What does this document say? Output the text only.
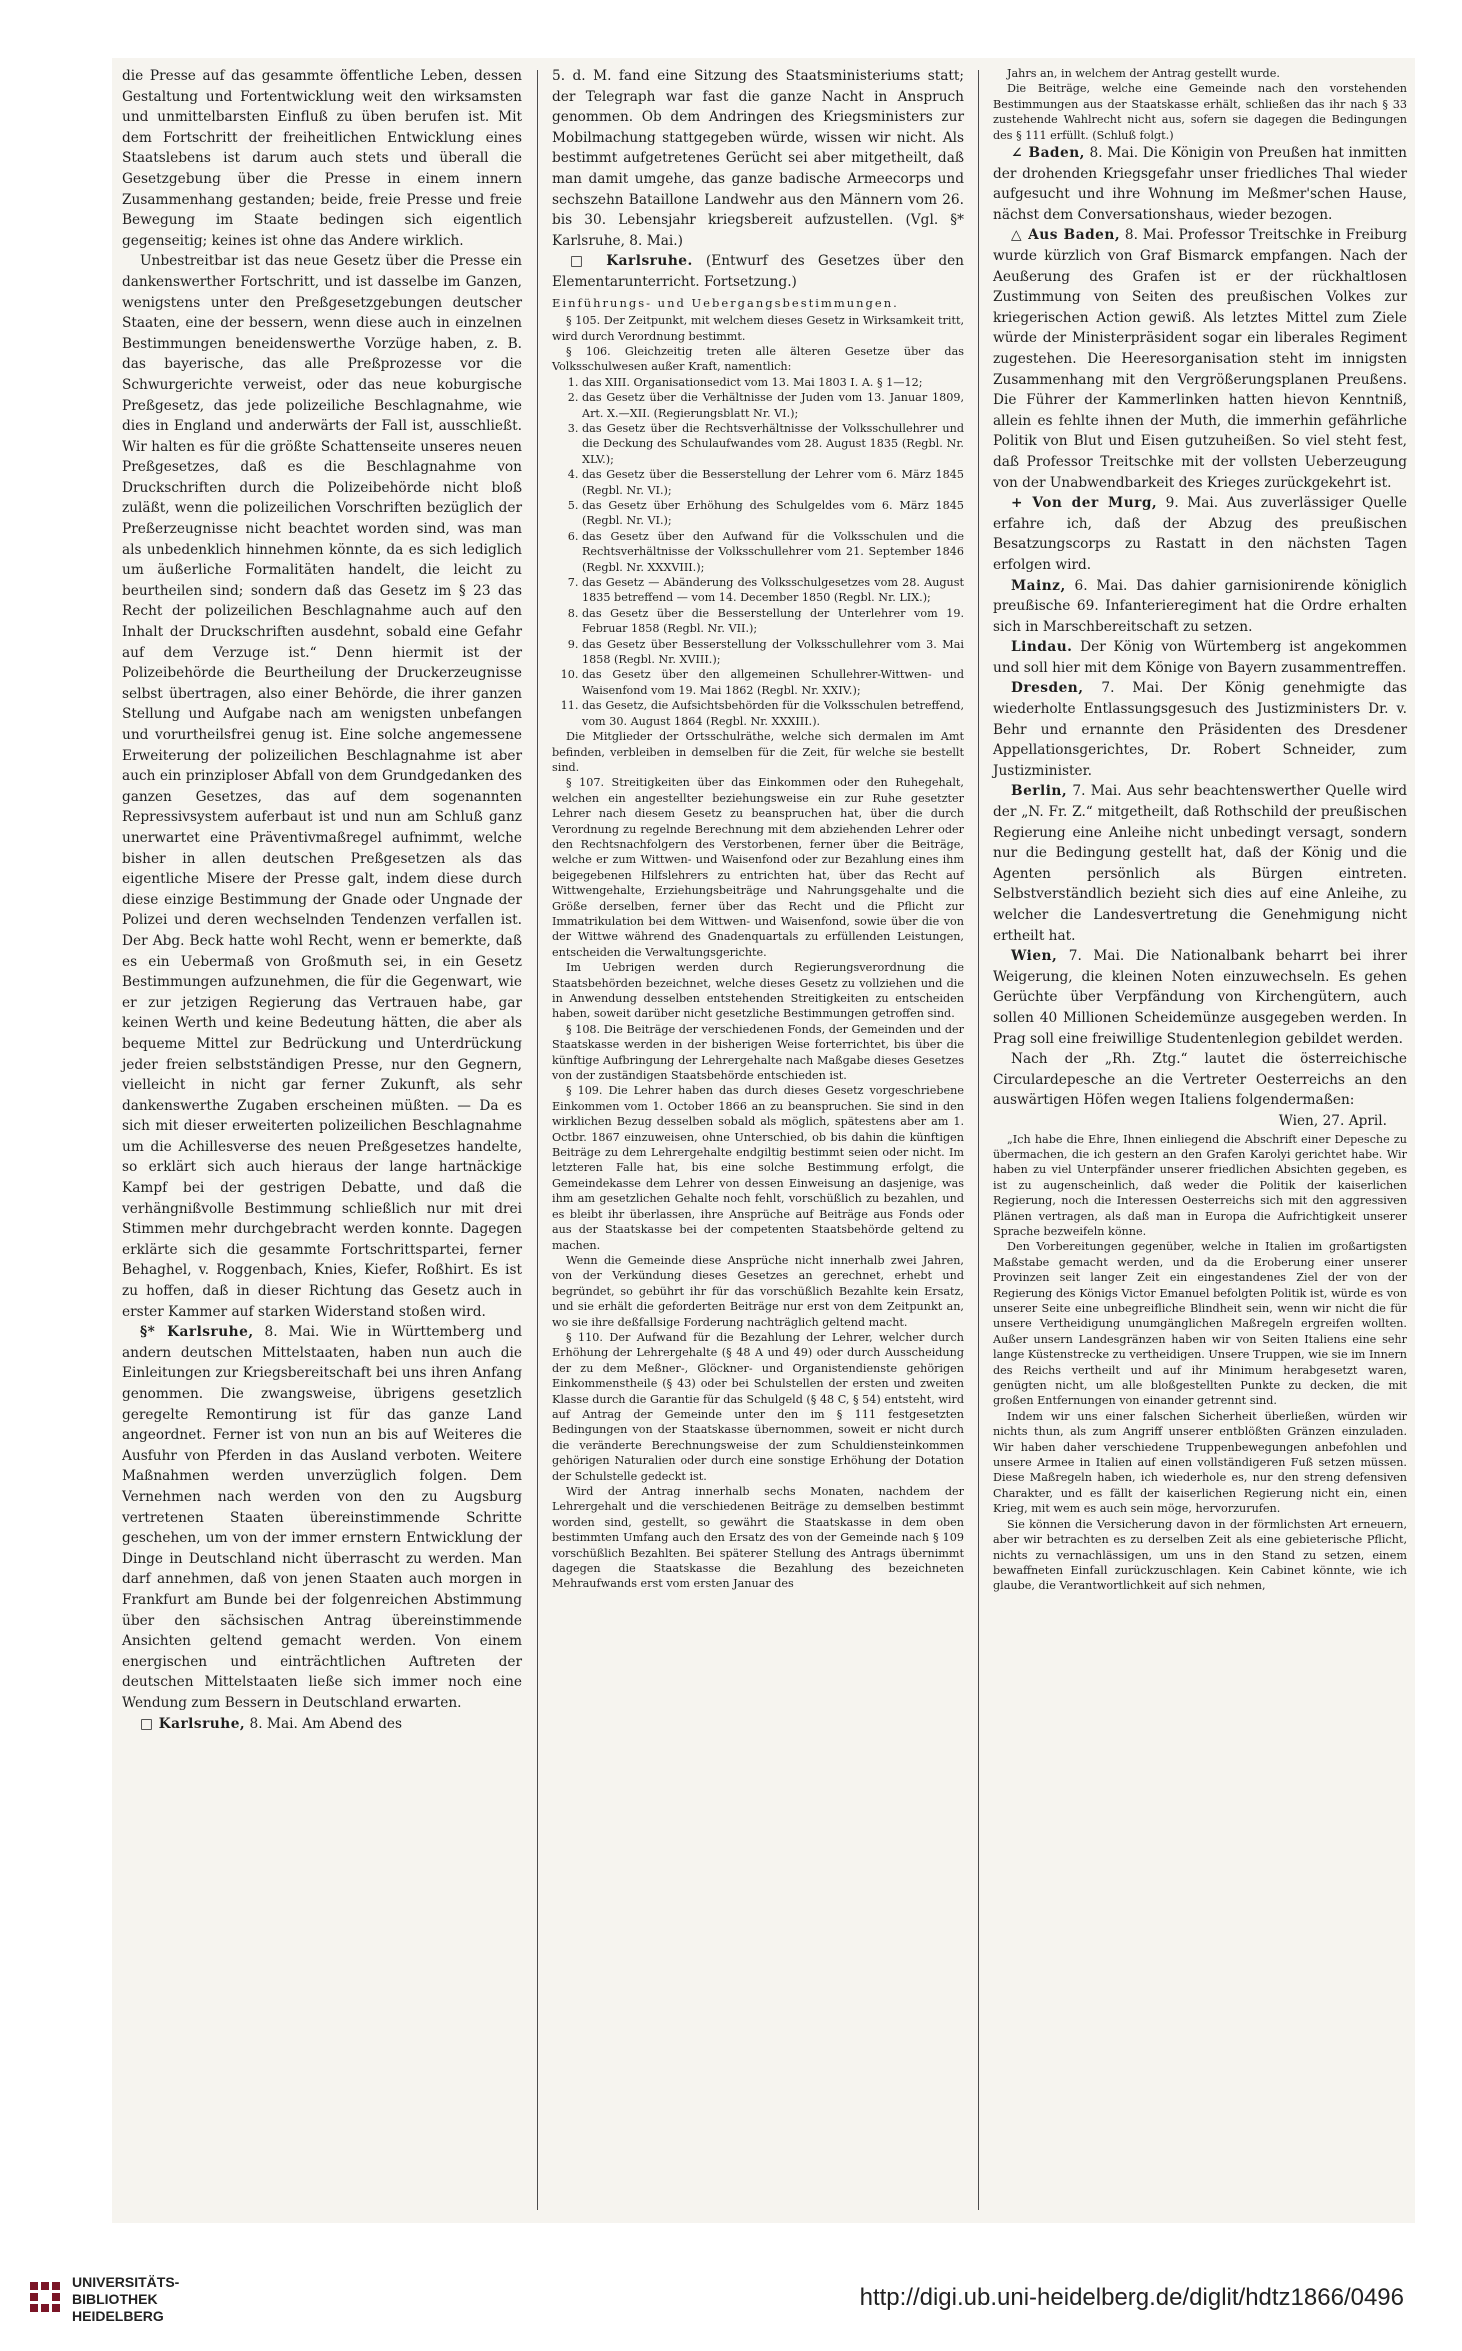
die Presse auf das gesammte öffentliche Leben, dessen Gestaltung und Fortentwicklung weit den wirksamsten und unmittelbarsten Einfluß zu üben berufen ist. Mit dem Fortschritt der freiheitlichen Entwicklung eines Staatslebens ist darum auch stets und überall die Gesetzgebung über die Presse in einem innern Zusammenhang gestanden; beide, freie Presse und freie Bewegung im Staate bedingen sich eigentlich gegenseitig; keines ist ohne das Andere wirklich.

Unbestreitbar ist das neue Gesetz über die Presse ein dankenswerther Fortschritt, und ist dasselbe im Ganzen, wenigstens unter den Preßgesetzgebungen deutscher Staaten, eine der bessern, wenn diese auch in einzelnen Bestimmungen beneidenswerthe Vorzüge haben, z. B. das bayerische, das alle Preßprozesse vor die Schwurgerichte verweist, oder das neue koburgische Preßgesetz, das jede polizeiliche Beschlagnahme, wie dies in England und anderwärts der Fall ist, ausschließt. Wir halten es für die größte Schattenseite unseres neuen Preßgesetzes, daß es die Beschlagnahme von Druckschriften durch die Polizeibehörde nicht bloß zuläßt, wenn die polizeilichen Vorschriften bezüglich der Preßerzeugnisse nicht beachtet worden sind, was man als unbedenklich hinnehmen könnte, da es sich lediglich um äußerliche Formalitäten handelt, die leicht zu beurtheilen sind; sondern daß das Gesetz im § 23 das Recht der polizeilichen Beschlagnahme auch auf den Inhalt der Druckschriften ausdehnt, sobald eine Gefahr auf dem Verzuge ist.“ Denn hiermit ist der Polizeibehörde die Beurtheilung der Druckerzeugnisse selbst übertragen, also einer Behörde, die ihrer ganzen Stellung und Aufgabe nach am wenigsten unbefangen und vorurtheilsfrei genug ist. Eine solche angemessene Erweiterung der polizeilichen Beschlagnahme ist aber auch ein prinziploser Abfall von dem Grundgedanken des ganzen Gesetzes, das auf dem sogenannten Repressivsystem auferbaut ist und nun am Schluß ganz unerwartet eine Präventivmaßregel aufnimmt, welche bisher in allen deutschen Preßgesetzen als das eigentliche Misere der Presse galt, indem diese durch diese einzige Bestimmung der Gnade oder Ungnade der Polizei und deren wechselnden Tendenzen verfallen ist. Der Abg. Beck hatte wohl Recht, wenn er bemerkte, daß es ein Uebermaß von Großmuth sei, in ein Gesetz Bestimmungen aufzunehmen, die für die Gegenwart, wie er zur jetzigen Regierung das Vertrauen habe, gar keinen Werth und keine Bedeutung hätten, die aber als bequeme Mittel zur Bedrückung und Unterdrückung jeder freien selbstständigen Presse, nur den Gegnern, vielleicht in nicht gar ferner Zukunft, als sehr dankenswerthe Zugaben erscheinen müßten. — Da es sich mit dieser erweiterten polizeilichen Beschlagnahme um die Achillesverse des neuen Preßgesetzes handelte, so erklärt sich auch hieraus der lange hartnäckige Kampf bei der gestrigen Debatte, und daß die verhängnißvolle Bestimmung schließlich nur mit drei Stimmen mehr durchgebracht werden konnte. Dagegen erklärte sich die gesammte Fortschrittspartei, ferner Behaghel, v. Roggenbach, Knies, Kiefer, Roßhirt. Es ist zu hoffen, daß in dieser Richtung das Gesetz auch in erster Kammer auf starken Widerstand stoßen wird.

§* Karlsruhe, 8. Mai. Wie in Württemberg und andern deutschen Mittelstaaten, haben nun auch die Einleitungen zur Kriegsbereitschaft bei uns ihren Anfang genommen. Die zwangsweise, übrigens gesetzlich geregelte Remontirung ist für das ganze Land angeordnet. Ferner ist von nun an bis auf Weiteres die Ausfuhr von Pferden in das Ausland verboten. Weitere Maßnahmen werden unverzüglich folgen. Dem Vernehmen nach werden von den zu Augsburg vertretenen Staaten übereinstimmende Schritte geschehen, um von der immer ernstern Entwicklung der Dinge in Deutschland nicht überrascht zu werden. Man darf annehmen, daß von jenen Staaten auch morgen in Frankfurt am Bunde bei der folgenreichen Abstimmung über den sächsischen Antrag übereinstimmende Ansichten geltend gemacht werden. Von einem energischen und einträchtlichen Auftreten der deutschen Mittelstaaten ließe sich immer noch eine Wendung zum Bessern in Deutschland erwarten.

□ Karlsruhe, 8. Mai. Am Abend des

5. d. M. fand eine Sitzung des Staatsministeriums statt; der Telegraph war fast die ganze Nacht in Anspruch genommen. Ob dem Andringen des Kriegsministers zur Mobilmachung stattgegeben würde, wissen wir nicht. Als bestimmt aufgetretenes Gerücht sei aber mitgetheilt, daß man damit umgehe, das ganze badische Armeecorps und sechszehn Bataillone Landwehr aus den Männern vom 26. bis 30. Lebensjahr kriegsbereit aufzustellen. (Vgl. §* Karlsruhe, 8. Mai.)

□ Karlsruhe. (Entwurf des Gesetzes über den Elementarunterricht. Fortsetzung.)

Einführungs- und Uebergangsbestimmungen.

§ 105. Der Zeitpunkt, mit welchem dieses Gesetz in Wirksamkeit tritt, wird durch Verordnung bestimmt.

§ 106. Gleichzeitig treten alle älteren Gesetze über das Volksschulwesen außer Kraft, namentlich:

1. das XIII. Organisationsedict vom 13. Mai 1803 I. A. § 1—12;
2. das Gesetz über die Verhältnisse der Juden vom 13. Januar 1809, Art. X.—XII. (Regierungsblatt Nr. VI.);
3. das Gesetz über die Rechtsverhältnisse der Volksschullehrer und die Deckung des Schulaufwandes vom 28. August 1835 (Regbl. Nr. XLV.);
4. das Gesetz über die Besserstellung der Lehrer vom 6. März 1845 (Regbl. Nr. VI.);
5. das Gesetz über Erhöhung des Schulgeldes vom 6. März 1845 (Regbl. Nr. VI.);
6. das Gesetz über den Aufwand für die Volksschulen und die Rechtsverhältnisse der Volksschullehrer vom 21. September 1846 (Regbl. Nr. XXXVIII.);
7. das Gesetz — Abänderung des Volksschulgesetzes vom 28. August 1835 betreffend — vom 14. December 1850 (Regbl. Nr. LIX.);
8. das Gesetz über die Besserstellung der Unterlehrer vom 19. Februar 1858 (Regbl. Nr. VII.);
9. das Gesetz über Besserstellung der Volksschullehrer vom 3. Mai 1858 (Regbl. Nr. XVIII.);
10. das Gesetz über den allgemeinen Schullehrer-Wittwen- und Waisenfond vom 19. Mai 1862 (Regbl. Nr. XXIV.);
11. das Gesetz, die Aufsichtsbehörden für die Volksschulen betreffend, vom 30. August 1864 (Regbl. Nr. XXXIII.).

Die Mitglieder der Ortsschulräthe, welche sich dermalen im Amt befinden, verbleiben in demselben für die Zeit, für welche sie bestellt sind.

§ 107. Streitigkeiten über das Einkommen oder den Ruhegehalt, welchen ein angestellter beziehungsweise ein zur Ruhe gesetzter Lehrer nach diesem Gesetz zu beanspruchen hat, über die durch Verordnung zu regelnde Berechnung mit dem abziehenden Lehrer oder den Rechtsnachfolgern des Verstorbenen, ferner über die Beiträge, welche er zum Wittwen- und Waisenfond oder zur Bezahlung eines ihm beigegebenen Hilfslehrers zu entrichten hat, über das Recht auf Wittwengehalte, Erziehungsbeiträge und Nahrungsgehalte und die Größe derselben, ferner über das Recht und die Pflicht zur Immatrikulation bei dem Wittwen- und Waisenfond, sowie über die von der Wittwe während des Gnadenquartals zu erfüllenden Leistungen, entscheiden die Verwaltungsgerichte.

Im Uebrigen werden durch Regierungsverordnung die Staatsbehörden bezeichnet, welche dieses Gesetz zu vollziehen und die in Anwendung desselben entstehenden Streitigkeiten zu entscheiden haben, soweit darüber nicht gesetzliche Bestimmungen getroffen sind.

§ 108. Die Beiträge der verschiedenen Fonds, der Gemeinden und der Staatskasse werden in der bisherigen Weise forterrichtet, bis über die künftige Aufbringung der Lehrergehalte nach Maßgabe dieses Gesetzes von der zuständigen Staatsbehörde entschieden ist.

§ 109. Die Lehrer haben das durch dieses Gesetz vorgeschriebene Einkommen vom 1. October 1866 an zu beanspruchen. Sie sind in den wirklichen Bezug desselben sobald als möglich, spätestens aber am 1. Octbr. 1867 einzuweisen, ohne Unterschied, ob bis dahin die künftigen Beiträge zu dem Lehrergehalte endgiltig bestimmt seien oder nicht. Im letzteren Falle hat, bis eine solche Bestimmung erfolgt, die Gemeindekasse dem Lehrer von dessen Einweisung an dasjenige, was ihm am gesetzlichen Gehalte noch fehlt, vorschüßlich zu bezahlen, und es bleibt ihr überlassen, ihre Ansprüche auf Beiträge aus Fonds oder aus der Staatskasse bei der competenten Staatsbehörde geltend zu machen.

Wenn die Gemeinde diese Ansprüche nicht innerhalb zwei Jahren, von der Verkündung dieses Gesetzes an gerechnet, erhebt und begründet, so gebührt ihr für das vorschüßlich Bezahlte kein Ersatz, und sie erhält die geforderten Beiträge nur erst von dem Zeitpunkt an, wo sie ihre deßfallsige Forderung nachträglich geltend macht.

§ 110. Der Aufwand für die Bezahlung der Lehrer, welcher durch Erhöhung der Lehrergehalte (§ 48 A und 49) oder durch Ausscheidung der zu dem Meßner-, Glöckner- und Organistendienste gehörigen Einkommenstheile (§ 43) oder bei Schulstellen der ersten und zweiten Klasse durch die Garantie für das Schulgeld (§ 48 C, § 54) entsteht, wird auf Antrag der Gemeinde unter den im § 111 festgesetzten Bedingungen von der Staatskasse übernommen, soweit er nicht durch die veränderte Berechnungsweise der zum Schuldiensteinkommen gehörigen Naturalien oder durch eine sonstige Erhöhung der Dotation der Schulstelle gedeckt ist.

Wird der Antrag innerhalb sechs Monaten, nachdem der Lehrergehalt und die verschiedenen Beiträge zu demselben bestimmt worden sind, gestellt, so gewährt die Staatskasse in dem oben bestimmten Umfang auch den Ersatz des von der Gemeinde nach § 109 vorschüßlich Bezahlten. Bei späterer Stellung des Antrags übernimmt dagegen die Staatskasse die Bezahlung des bezeichneten Mehraufwands erst vom ersten Januar des

Jahrs an, in welchem der Antrag gestellt wurde.

Die Beiträge, welche eine Gemeinde nach den vorstehenden Bestimmungen aus der Staatskasse erhält, schließen das ihr nach § 33 zustehende Wahlrecht nicht aus, sofern sie dagegen die Bedingungen des § 111 erfüllt. (Schluß folgt.)

∠ Baden, 8. Mai. Die Königin von Preußen hat inmitten der drohenden Kriegsgefahr unser friedliches Thal wieder aufgesucht und ihre Wohnung im Meßmer'schen Hause, nächst dem Conversationshaus, wieder bezogen.

△ Aus Baden, 8. Mai. Professor Treitschke in Freiburg wurde kürzlich von Graf Bismarck empfangen. Nach der Aeußerung des Grafen ist er der rückhaltlosen Zustimmung von Seiten des preußischen Volkes zur kriegerischen Action gewiß. Als letztes Mittel zum Ziele würde der Ministerpräsident sogar ein liberales Regiment zugestehen. Die Heeresorganisation steht im innigsten Zusammenhang mit den Vergrößerungsplanen Preußens. Die Führer der Kammerlinken hatten hievon Kenntniß, allein es fehlte ihnen der Muth, die immerhin gefährliche Politik von Blut und Eisen gutzuheißen. So viel steht fest, daß Professor Treitschke mit der vollsten Ueberzeugung von der Unabwendbarkeit des Krieges zurückgekehrt ist.

+ Von der Murg, 9. Mai. Aus zuverlässiger Quelle erfahre ich, daß der Abzug des preußischen Besatzungscorps zu Rastatt in den nächsten Tagen erfolgen wird.

Mainz, 6. Mai. Das dahier garnisionirende königlich preußische 69. Infanterieregiment hat die Ordre erhalten sich in Marschbereitschaft zu setzen.

Lindau. Der König von Würtemberg ist angekommen und soll hier mit dem Könige von Bayern zusammentreffen.

Dresden, 7. Mai. Der König genehmigte das wiederholte Entlassungsgesuch des Justizministers Dr. v. Behr und ernannte den Präsidenten des Dresdener Appellationsgerichtes, Dr. Robert Schneider, zum Justizminister.

Berlin, 7. Mai. Aus sehr beachtenswerther Quelle wird der „N. Fr. Z.“ mitgetheilt, daß Rothschild der preußischen Regierung eine Anleihe nicht unbedingt versagt, sondern nur die Bedingung gestellt hat, daß der König und die Agenten persönlich als Bürgen eintreten. Selbstverständlich bezieht sich dies auf eine Anleihe, zu welcher die Landesvertretung die Genehmigung nicht ertheilt hat.

Wien, 7. Mai. Die Nationalbank beharrt bei ihrer Weigerung, die kleinen Noten einzuwechseln. Es gehen Gerüchte über Verpfändung von Kirchengütern, auch sollen 40 Millionen Scheidemünze ausgegeben werden. In Prag soll eine freiwillige Studentenlegion gebildet werden.

Nach der „Rh. Ztg.“ lautet die österreichische Circulardepesche an die Vertreter Oesterreichs an den auswärtigen Höfen wegen Italiens folgendermaßen:

Wien, 27. April.

„Ich habe die Ehre, Ihnen einliegend die Abschrift einer Depesche zu übermachen, die ich gestern an den Grafen Karolyi gerichtet habe. Wir haben zu viel Unterpfänder unserer friedlichen Absichten gegeben, es ist zu augenscheinlich, daß weder die Politik der kaiserlichen Regierung, noch die Interessen Oesterreichs sich mit den aggressiven Plänen vertragen, als daß man in Europa die Aufrichtigkeit unserer Sprache bezweifeln könne.

Den Vorbereitungen gegenüber, welche in Italien im großartigsten Maßstabe gemacht werden, und da die Eroberung einer unserer Provinzen seit langer Zeit ein eingestandenes Ziel der von der Regierung des Königs Victor Emanuel befolgten Politik ist, würde es von unserer Seite eine unbegreifliche Blindheit sein, wenn wir nicht die für unsere Vertheidigung unumgänglichen Maßregeln ergreifen wollten. Außer unsern Landesgränzen haben wir von Seiten Italiens eine sehr lange Küstenstrecke zu vertheidigen. Unsere Truppen, wie sie im Innern des Reichs vertheilt und auf ihr Minimum herabgesetzt waren, genügten nicht, um alle bloßgestellten Punkte zu decken, die mit großen Entfernungen von einander getrennt sind.

Indem wir uns einer falschen Sicherheit überließen, würden wir nichts thun, als zum Angriff unserer entblößten Gränzen einzuladen. Wir haben daher verschiedene Truppenbewegungen anbefohlen und unsere Armee in Italien auf einen vollständigeren Fuß setzen müssen. Diese Maßregeln haben, ich wiederhole es, nur den streng defensiven Charakter, und es fällt der kaiserlichen Regierung nicht ein, einen Krieg, mit wem es auch sein möge, hervorzurufen.

Sie können die Versicherung davon in der förmlichsten Art erneuern, aber wir betrachten es zu derselben Zeit als eine gebieterische Pflicht, nichts zu vernachlässigen, um uns in den Stand zu setzen, einem bewaffneten Einfall zurückzuschlagen. Kein Cabinet könnte, wie ich glaube, die Verantwortlichkeit auf sich nehmen,

UNIVERSITÄTS-
BIBLIOTHEK
HEIDELBERG
http://digi.ub.uni-heidelberg.de/diglit/hdtz1866/0496
